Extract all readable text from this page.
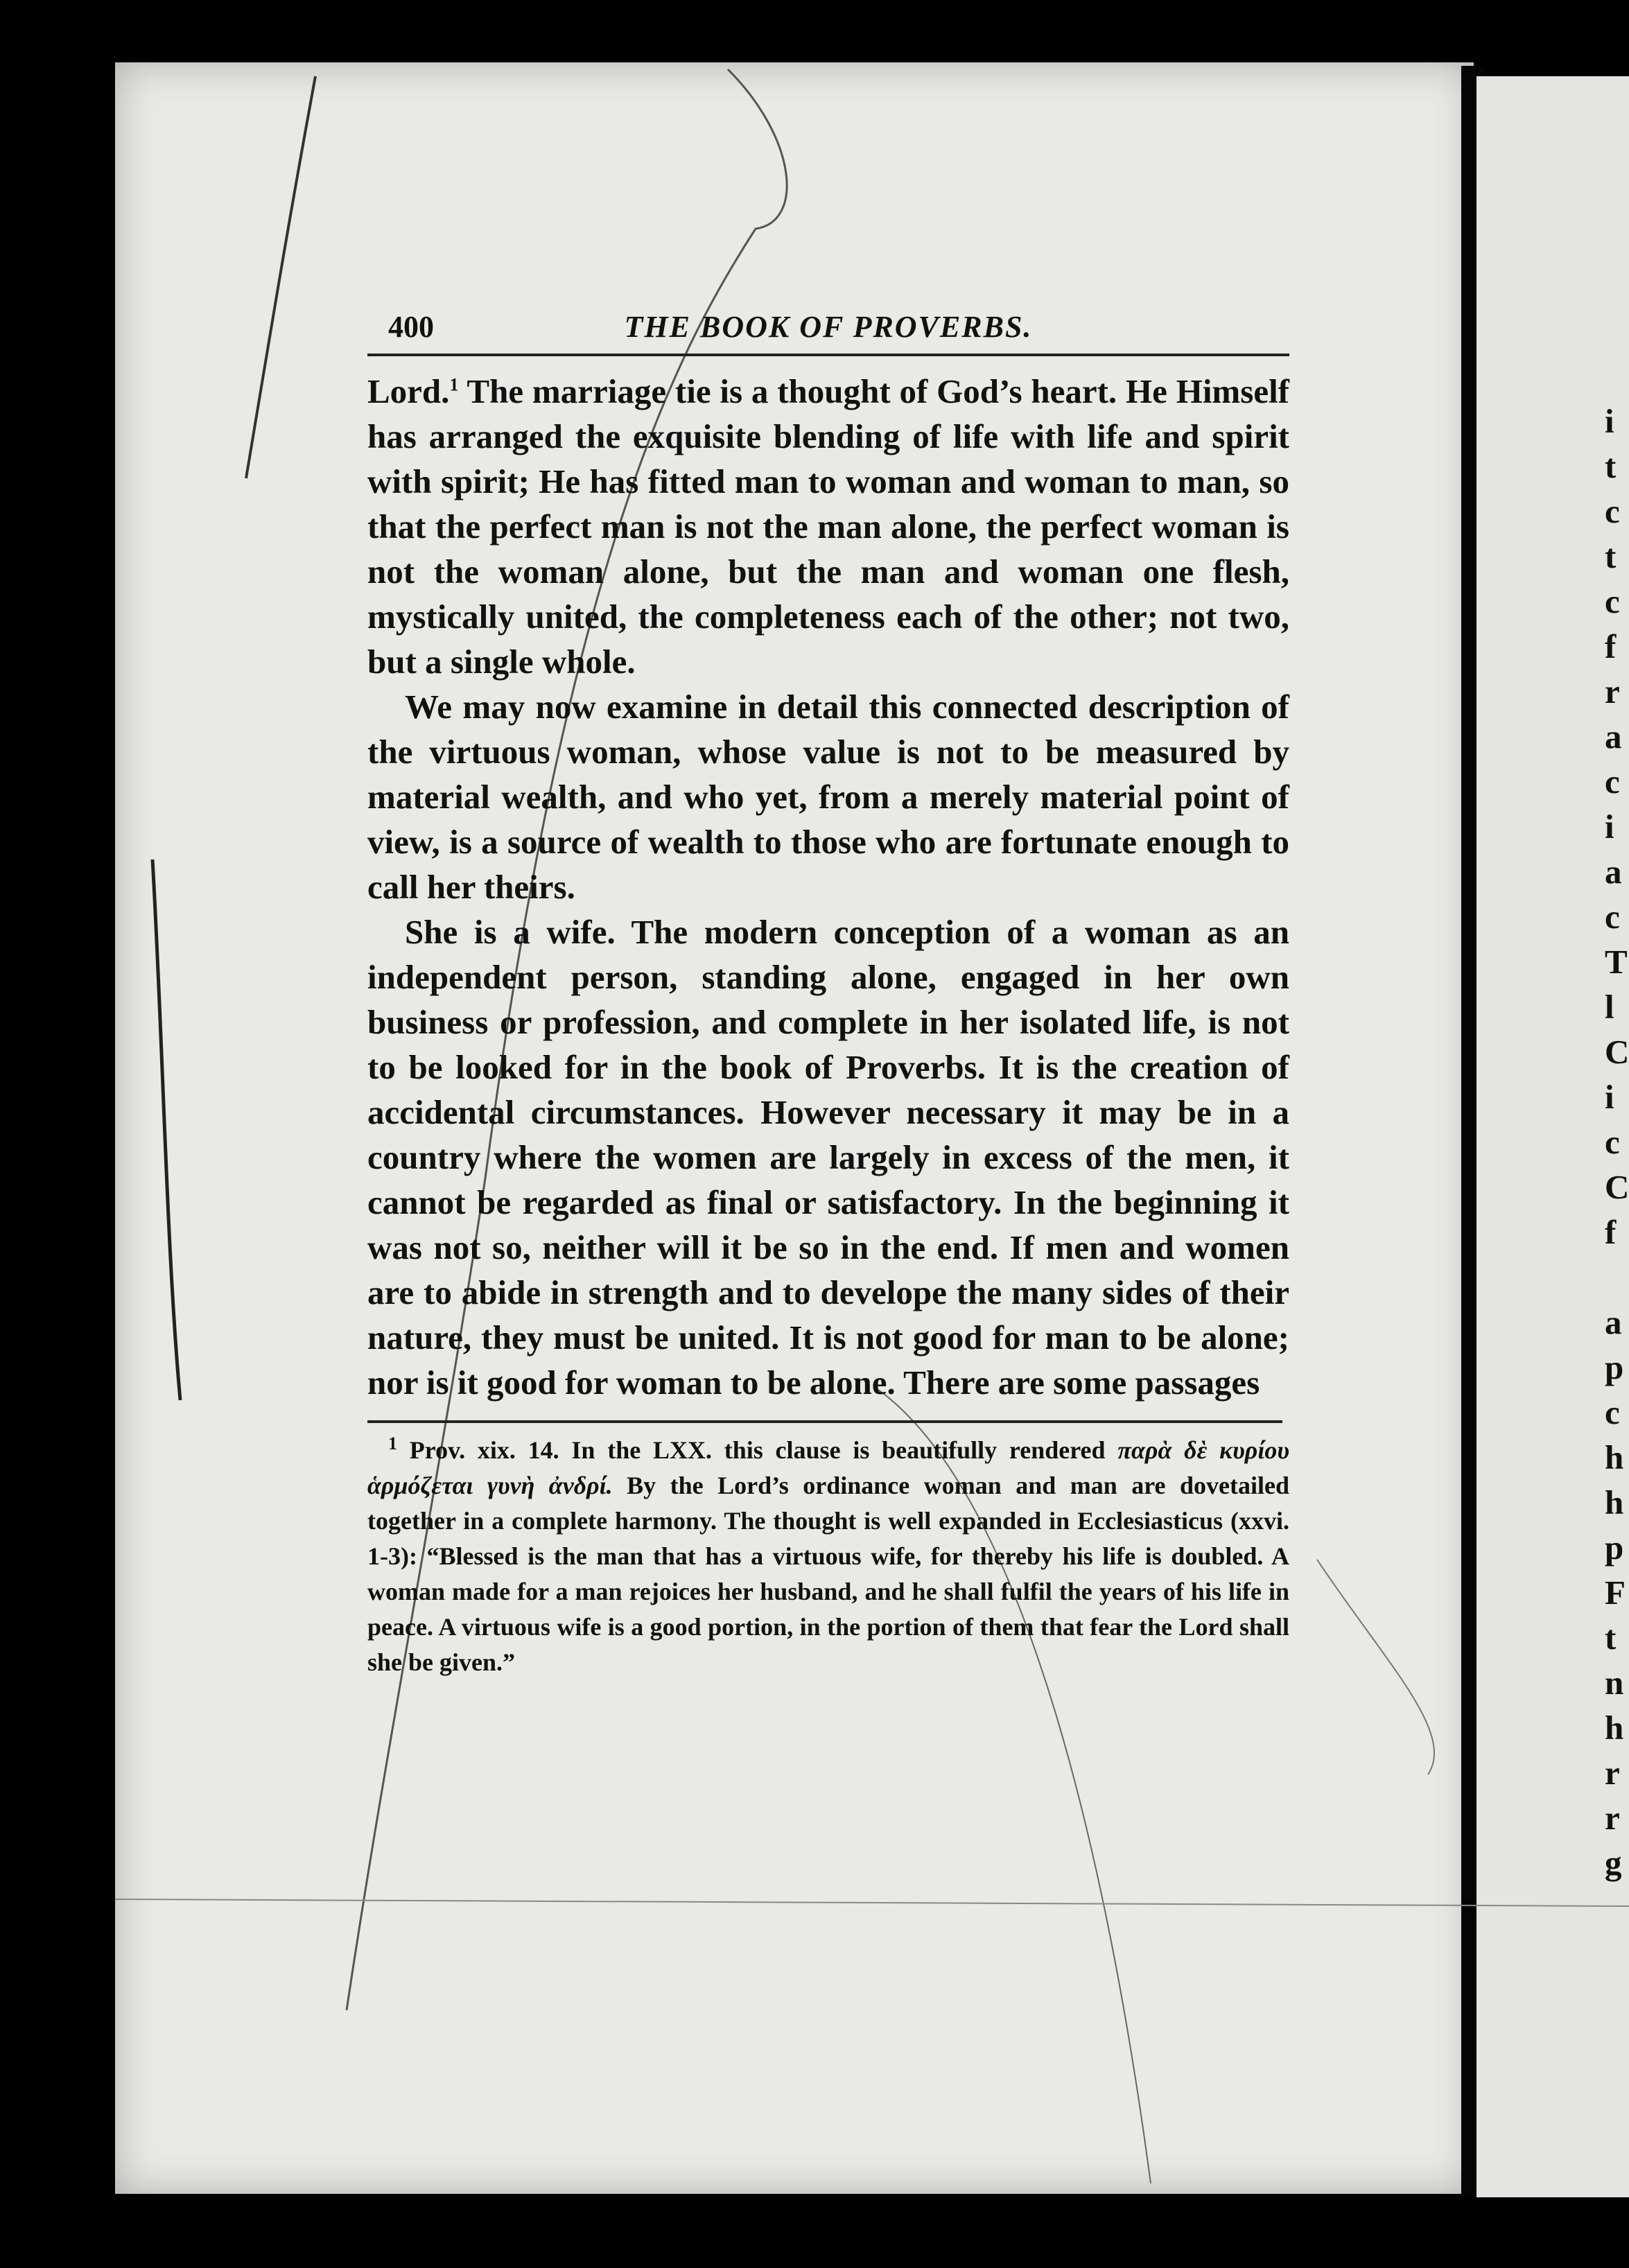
400	THE BOOK OF PROVERBS.

Lord.$^1$ The marriage tie is a thought of God’s heart. He Himself has arranged the exquisite blending of life with life and spirit with spirit; He has fitted man to woman and woman to man, so that the perfect man is not the man alone, the perfect woman is not the woman alone, but the man and woman one flesh, mystically united, the completeness each of the other; not two, but a single whole.

We may now examine in detail this connected description of the virtuous woman, whose value is not to be measured by material wealth, and who yet, from a merely material point of view, is a source of wealth to those who are fortunate enough to call her theirs.

She is a wife. The modern conception of a woman as an independent person, standing alone, engaged in her own business or profession, and complete in her isolated life, is not to be looked for in the book of Proverbs. It is the creation of accidental circumstances. However necessary it may be in a country where the women are largely in excess of the men, it cannot be regarded as final or satisfactory. In the beginning it was not so, neither will it be so in the end. If men and women are to abide in strength and to develope the many sides of their nature, they must be united. It is not good for man to be alone; nor is it good for woman to be alone. There are some passages

$^1$ Prov. xix. 14. In the LXX. this clause is beautifully rendered παρὰ δὲ κυρίου ἁρμόζεται γυνὴ ἀνδρί. By the Lord’s ordinance woman and man are dovetailed together in a complete harmony. The thought is well expanded in Ecclesiasticus (xxvi. 1-3): “Blessed is the man that has a virtuous wife, for thereby his life is doubled. A woman made for a man rejoices her husband, and he shall fulfil the years of his life in peace. A virtuous wife is a good portion, in the portion of them that fear the Lord shall she be given.”

i
t
c
t
c
f
r
a
c
i
a
c
T
l
C
i
c
C
f

a
p
c
h
h
p
F
t
n
h
r
r
g
